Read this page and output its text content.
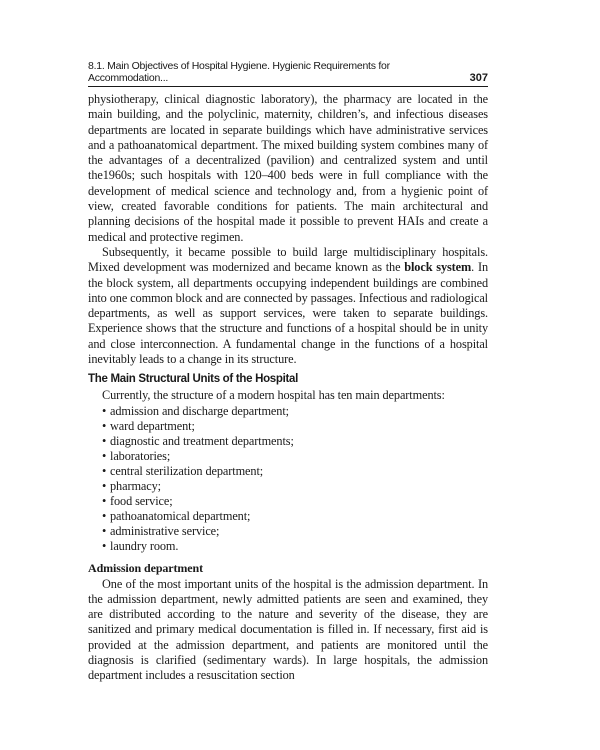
8.1. Main Objectives of Hospital Hygiene. Hygienic Requirements for Accommodation...	307

physiotherapy, clinical diagnostic laboratory), the pharmacy are located in the main building, and the polyclinic, maternity, children’s, and infectious diseases departments are located in separate buildings which have administrative services and a pathoanatomical department. The mixed building system combines many of the advantages of a decentralized (pavilion) and centralized system and until the1960s; such hospitals with 120–400 beds were in full compliance with the development of medical science and technology and, from a hygienic point of view, created favorable conditions for patients. The main architectural and planning decisions of the hospital made it possible to prevent HAIs and create a medical and protective regimen.

Subsequently, it became possible to build large multidisciplinary hospitals. Mixed development was modernized and became known as the block system. In the block system, all departments occupying independent buildings are combined into one common block and are connected by passages. Infectious and radiological departments, as well as support services, were taken to separate buildings. Experience shows that the structure and functions of a hospital should be in unity and close interconnection. A fundamental change in the functions of a hospital inevitably leads to a change in its structure.

The Main Structural Units of the Hospital

Currently, the structure of a modern hospital has ten main departments:

• admission and discharge department;
• ward department;
• diagnostic and treatment departments;
• laboratories;
• central sterilization department;
• pharmacy;
• food service;
• pathoanatomical department;
• administrative service;
• laundry room.
Admission department

One of the most important units of the hospital is the admission department. In the admission department, newly admitted patients are seen and examined, they are distributed according to the nature and severity of the disease, they are sanitized and primary medical documentation is filled in. If necessary, first aid is provided at the admission department, and patients are monitored until the diagnosis is clarified (sedimentary wards). In large hospitals, the admission department includes a resuscitation section
